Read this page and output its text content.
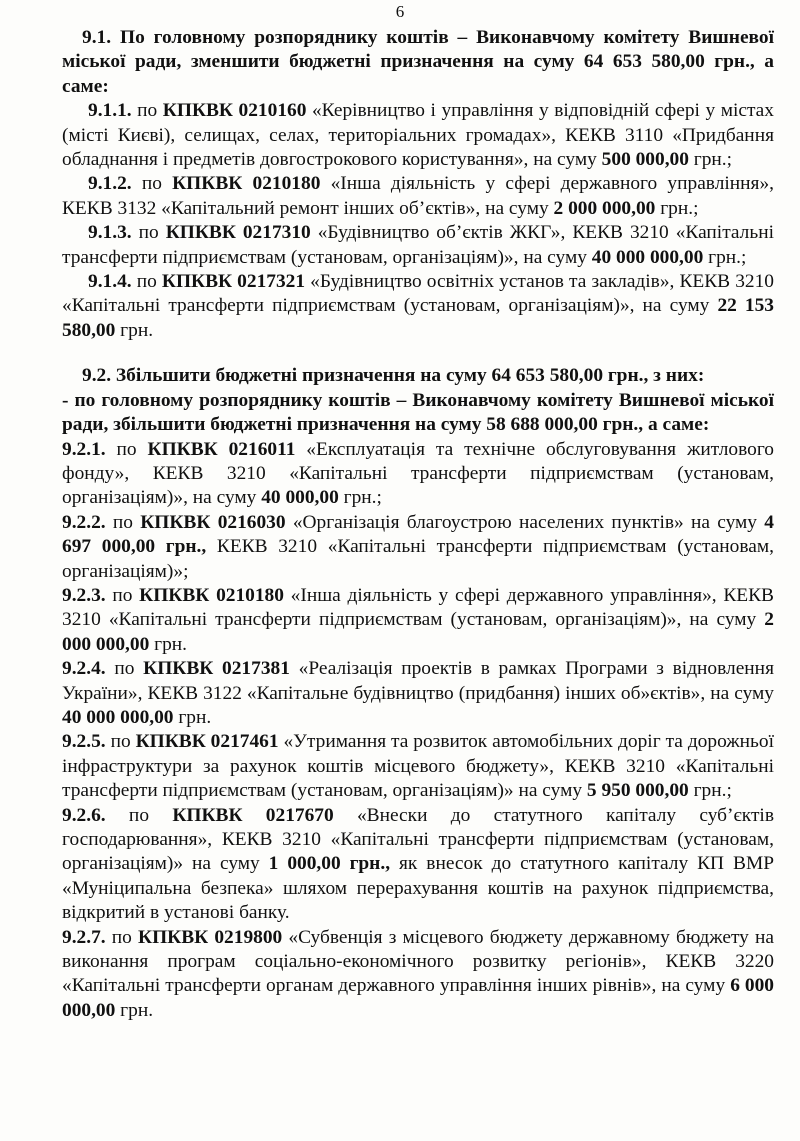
6

9.1. По головному розпоряднику коштів – Виконавчому комітету Вишневої міської ради, зменшити бюджетні призначення на суму 64 653 580,00 грн., а саме:

9.1.1. по КПКВК 0210160 «Керівництво і управління у відповідній сфері у містах (місті Києві), селищах, селах, територіальних громадах», КЕКВ 3110 «Придбання обладнання і предметів довгострокового користування», на суму 500 000,00 грн.;

9.1.2. по КПКВК 0210180 «Інша діяльність у сфері державного управління», КЕКВ 3132 «Капітальний ремонт інших об’єктів», на суму 2 000 000,00 грн.;

9.1.3. по КПКВК 0217310 «Будівництво об’єктів ЖКГ», КЕКВ 3210 «Капітальні трансферти підприємствам (установам, організаціям)», на суму 40 000 000,00 грн.;

9.1.4. по КПКВК 0217321 «Будівництво освітніх установ та закладів», КЕКВ 3210 «Капітальні трансферти підприємствам (установам, організаціям)», на суму 22 153 580,00 грн.

9.2. Збільшити бюджетні призначення на суму 64 653 580,00 грн., з них:

- по головному розпоряднику коштів – Виконавчому комітету Вишневої міської ради, збільшити бюджетні призначення на суму 58 688 000,00 грн., а саме:

9.2.1. по КПКВК 0216011 «Експлуатація та технічне обслуговування житлового фонду», КЕКВ 3210 «Капітальні трансферти підприємствам (установам, організаціям)», на суму 40 000,00 грн.;

9.2.2. по КПКВК 0216030 «Організація благоустрою населених пунктів» на суму 4 697 000,00 грн., КЕКВ 3210 «Капітальні трансферти підприємствам (установам, організаціям)»;

9.2.3. по КПКВК 0210180 «Інша діяльність у сфері державного управління», КЕКВ 3210 «Капітальні трансферти підприємствам (установам, організаціям)», на суму 2 000 000,00 грн.

9.2.4. по КПКВК 0217381 «Реалізація проектів в рамках Програми з відновлення України», КЕКВ 3122 «Капітальне будівництво (придбання) інших об»єктів», на суму 40 000 000,00 грн.

9.2.5. по КПКВК 0217461 «Утримання та розвиток автомобільних доріг та дорожньої інфраструктури за рахунок коштів місцевого бюджету», КЕКВ 3210 «Капітальні трансферти підприємствам (установам, організаціям)» на суму 5 950 000,00 грн.;

9.2.6. по КПКВК 0217670 «Внески до статутного капіталу суб’єктів господарювання», КЕКВ 3210 «Капітальні трансферти підприємствам (установам, організаціям)» на суму 1 000,00 грн., як внесок до статутного капіталу КП ВМР «Муніципальна безпека» шляхом перерахування коштів на рахунок підприємства, відкритий в установі банку.

9.2.7. по КПКВК 0219800 «Субвенція з місцевого бюджету державному бюджету на виконання програм соціально-економічного розвитку регіонів», КЕКВ 3220 «Капітальні трансферти органам державного управління інших рівнів», на суму 6 000 000,00 грн.
